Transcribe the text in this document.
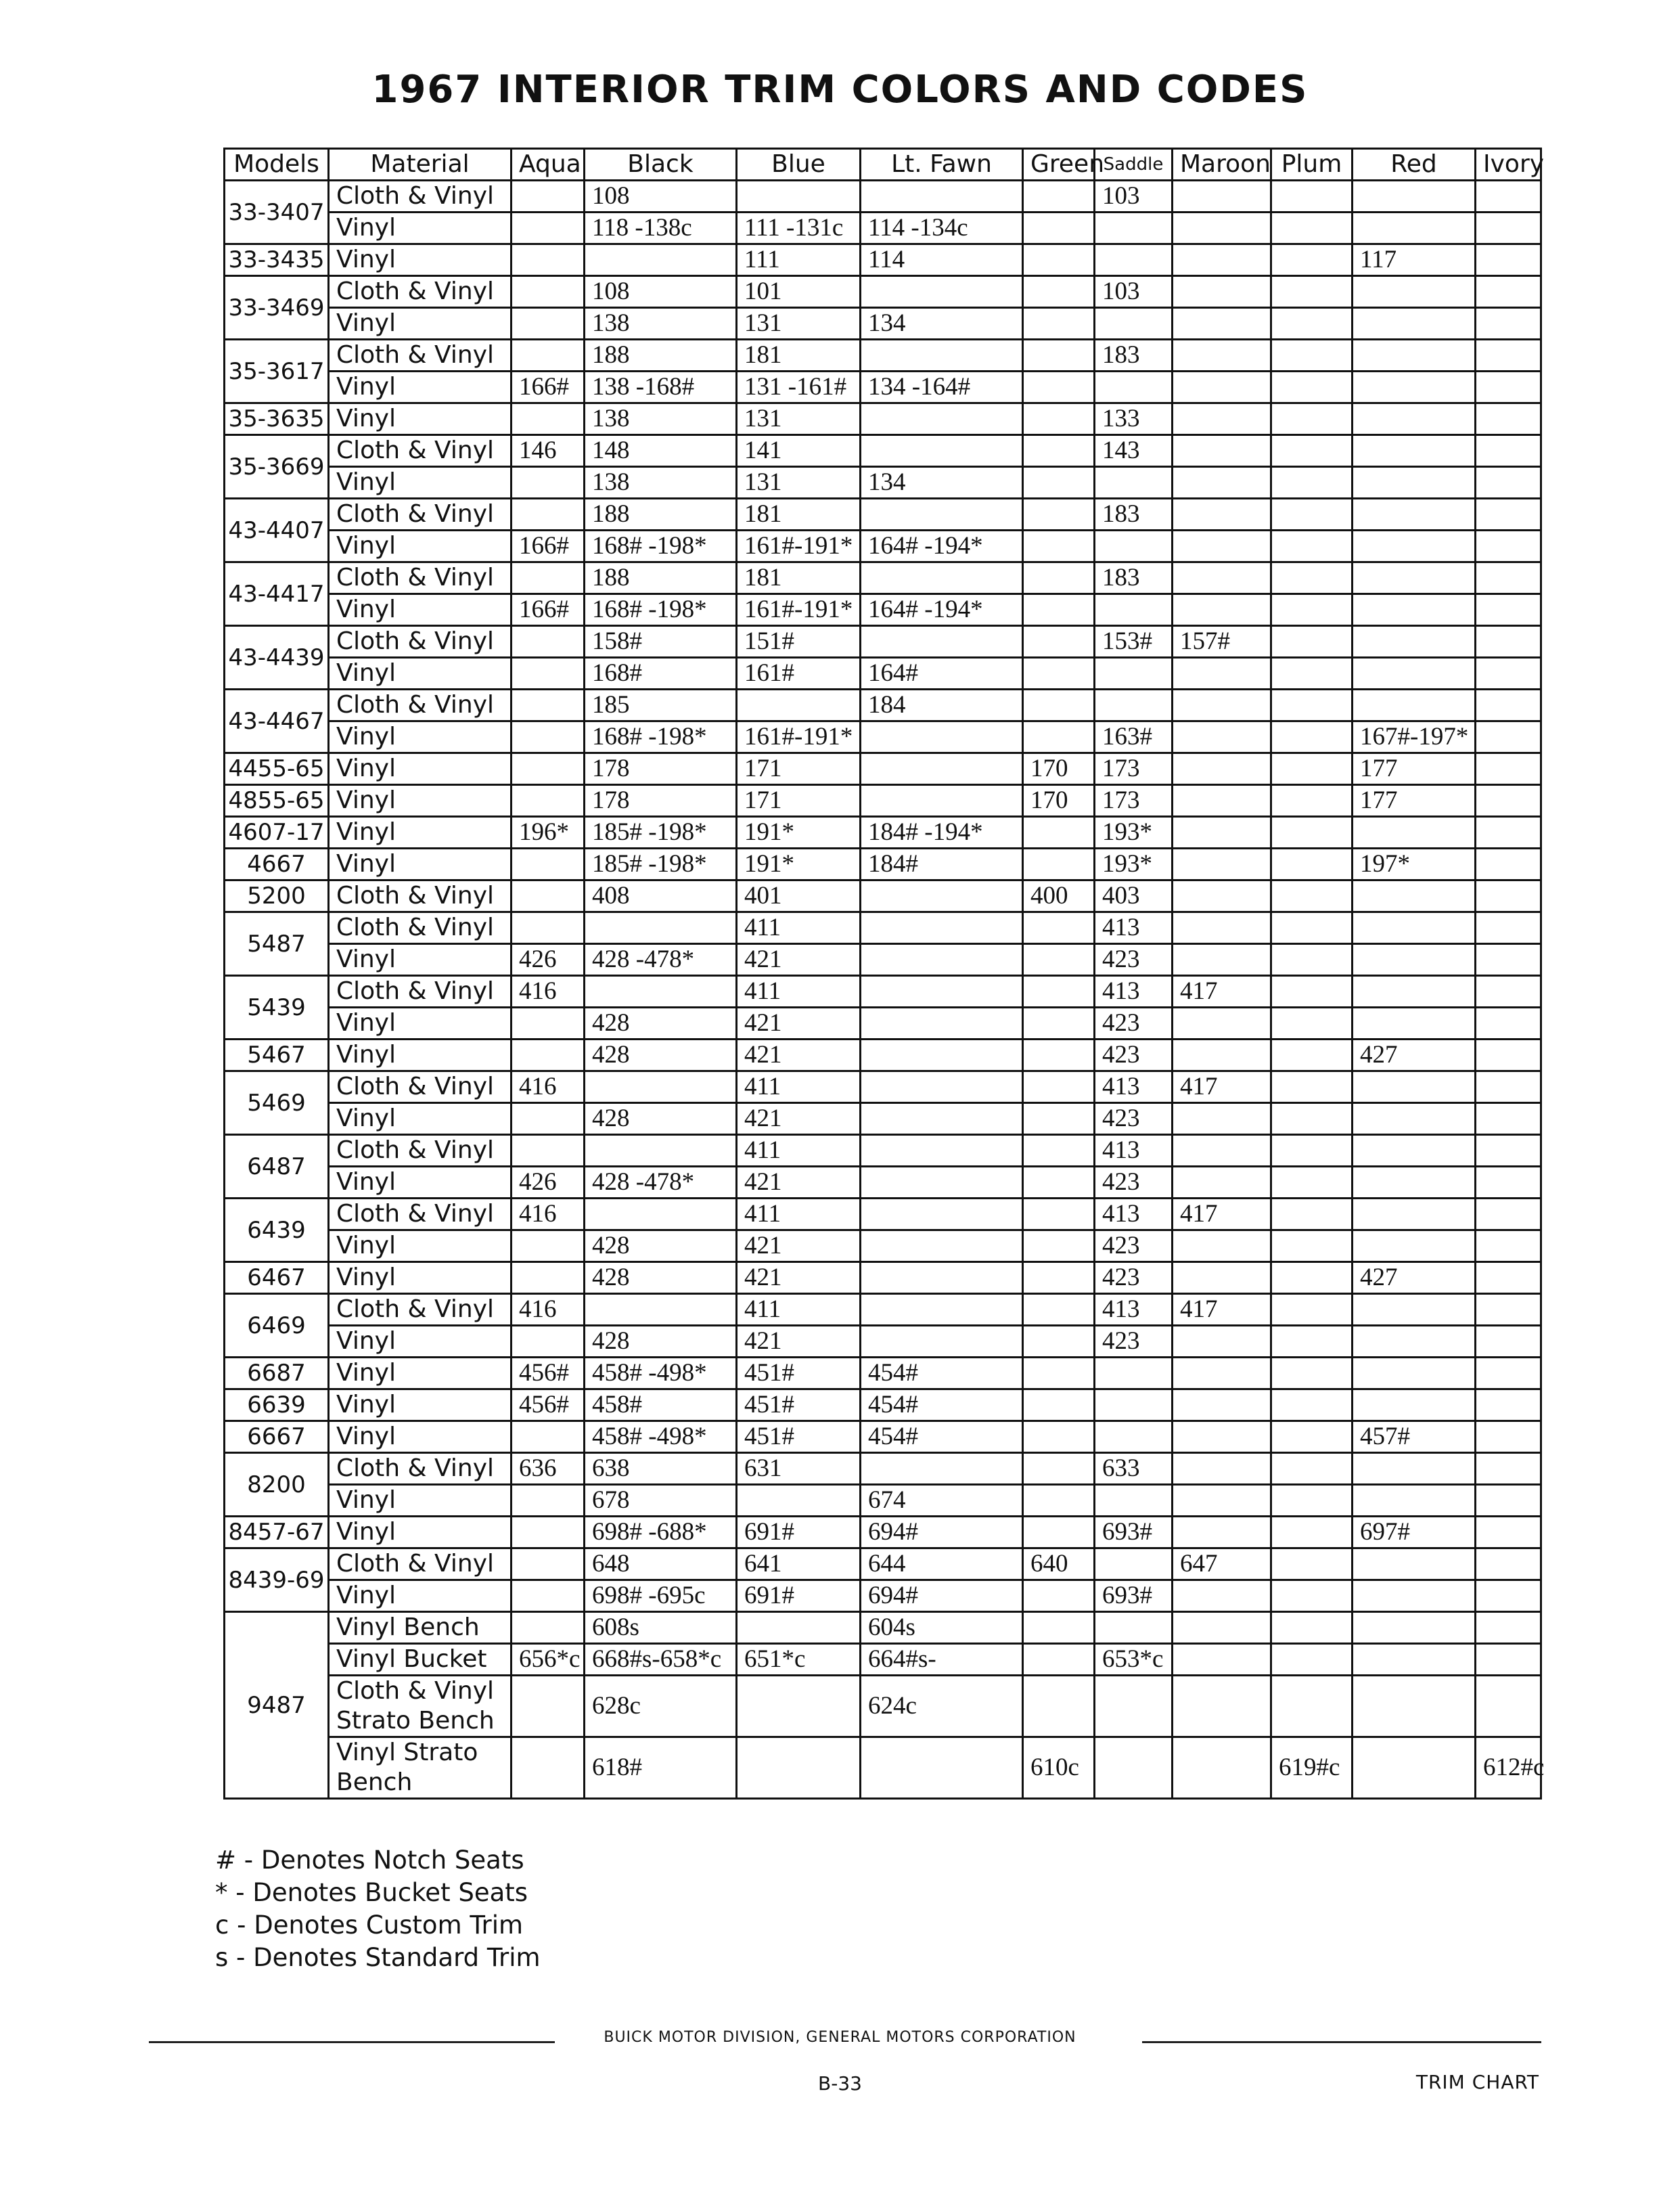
1967 INTERIOR TRIM COLORS AND CODES
Models	Material	Aqua	Black	Blue	Lt. Fawn	Green	Saddle	Maroon	Plum	Red	Ivory
33-3407	Cloth & Vinyl		108				103				
	Vinyl		118 -138c	111 -131c	114 -134c						
33-3435	Vinyl			111	114					117	
33-3469	Cloth & Vinyl		108	101			103				
	Vinyl		138	131	134						
35-3617	Cloth & Vinyl		188	181			183				
	Vinyl	166#	138 -168#	131 -161#	134 -164#						
35-3635	Vinyl		138	131			133				
35-3669	Cloth & Vinyl	146	148	141			143				
	Vinyl		138	131	134						
43-4407	Cloth & Vinyl		188	181			183				
	Vinyl	166#	168# -198*	161#-191*	164# -194*						
43-4417	Cloth & Vinyl		188	181			183				
	Vinyl	166#	168# -198*	161#-191*	164# -194*						
43-4439	Cloth & Vinyl		158#	151#			153#	157#			
	Vinyl		168#	161#	164#						
43-4467	Cloth & Vinyl		185		184						
	Vinyl		168# -198*	161#-191*			163#			167#-197*	
4455-65	Vinyl		178	171		170	173			177	
4855-65	Vinyl		178	171		170	173			177	
4607-17	Vinyl	196*	185# -198*	191*	184# -194*		193*				
4667	Vinyl		185# -198*	191*	184#		193*			197*	
5200	Cloth & Vinyl		408	401		400	403				
5487	Cloth & Vinyl			411			413				
	Vinyl	426	428 -478*	421			423				
5439	Cloth & Vinyl	416		411			413	417			
	Vinyl		428	421			423				
5467	Vinyl		428	421			423			427	
5469	Cloth & Vinyl	416		411			413	417			
	Vinyl		428	421			423				
6487	Cloth & Vinyl			411			413				
	Vinyl	426	428 -478*	421			423				
6439	Cloth & Vinyl	416		411			413	417			
	Vinyl		428	421			423				
6467	Vinyl		428	421			423			427	
6469	Cloth & Vinyl	416		411			413	417			
	Vinyl		428	421			423				
6687	Vinyl	456#	458# -498*	451#	454#						
6639	Vinyl	456#	458#	451#	454#						
6667	Vinyl		458# -498*	451#	454#					457#	
8200	Cloth & Vinyl	636	638	631			633				
	Vinyl		678		674						
8457-67	Vinyl		698# -688*	691#	694#		693#			697#	
8439-69	Cloth & Vinyl		648	641	644	640		647			
	Vinyl		698# -695c	691#	694#		693#				
9487	Vinyl Bench		608s		604s						
	Vinyl Bucket	656*c	668#s-658*c	651*c	664#s-		653*c				
	Cloth & Vinyl Strato Bench		628c		624c						
	Vinyl Strato Bench		618#			610c			619#c		612#c
# - Denotes Notch Seats
* - Denotes Bucket Seats
c - Denotes Custom Trim
s - Denotes Standard Trim
BUICK MOTOR DIVISION, GENERAL MOTORS CORPORATION
B-33	TRIM CHART
